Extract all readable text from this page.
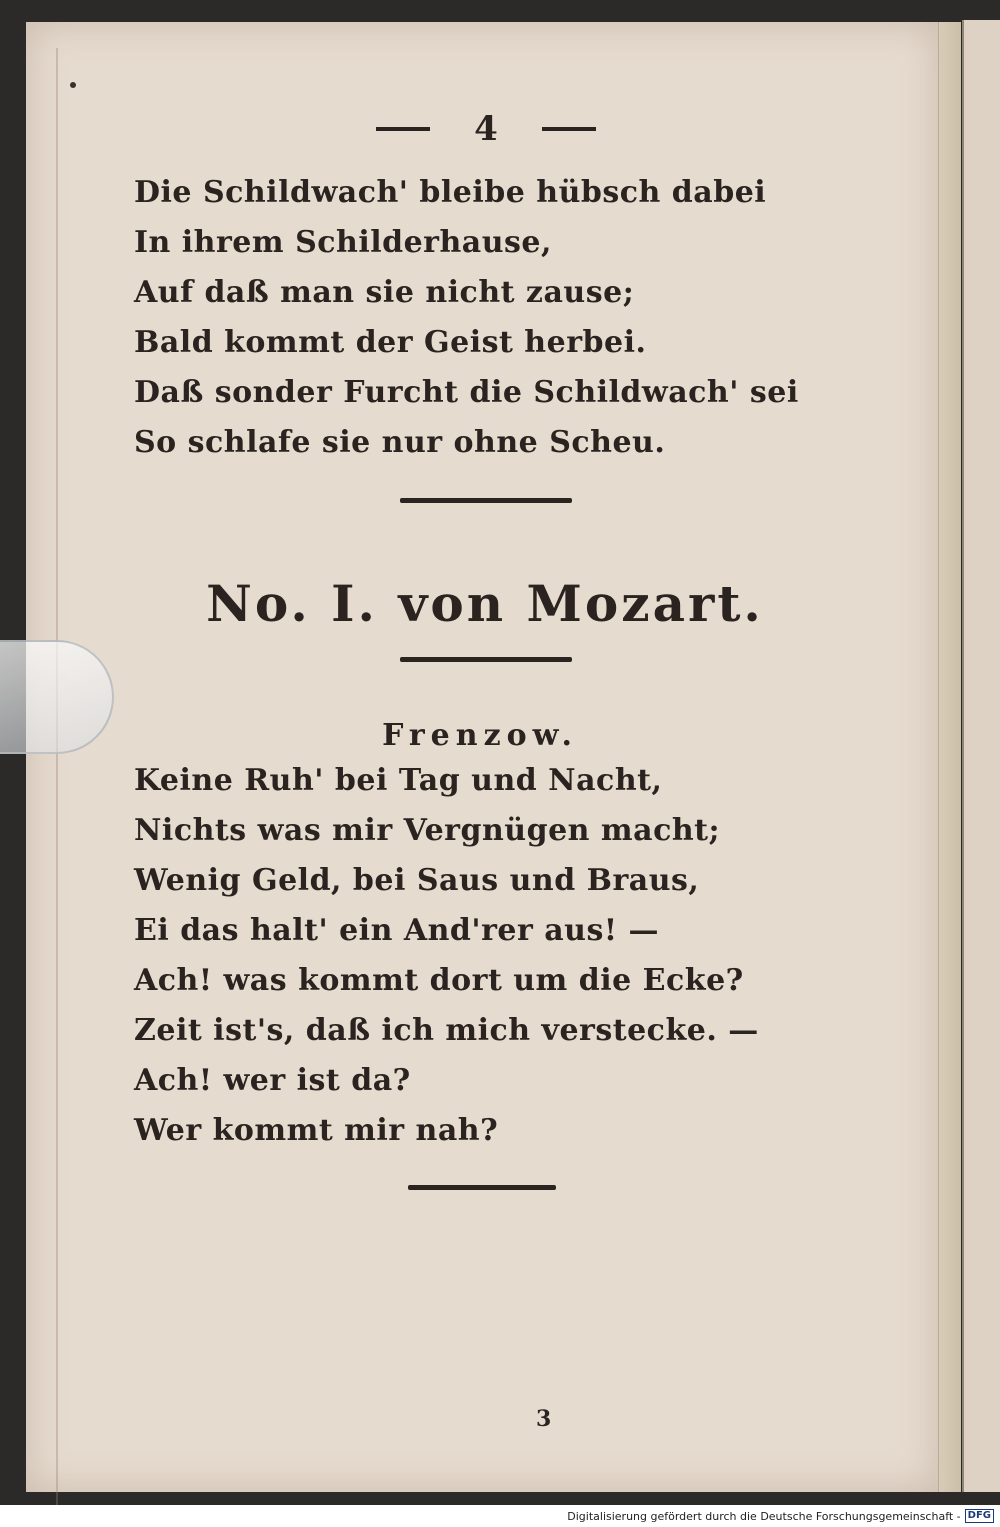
4
Die Schildwach' bleibe hübsch dabei
In ihrem Schilderhause,
Auf daß man sie nicht zause;
Bald kommt der Geist herbei.
Daß sonder Furcht die Schildwach' sei
So schlafe sie nur ohne Scheu.
No. I. von Mozart.
Frenzow.
Keine Ruh' bei Tag und Nacht,
Nichts was mir Vergnügen macht;
Wenig Geld, bei Saus und Braus,
Ei das halt' ein And'rer aus! —
Ach! was kommt dort um die Ecke?
Zeit ist's, daß ich mich verstecke. —
Ach! wer ist da?
Wer kommt mir nah?
3
Digitalisierung gefördert durch die Deutsche Forschungsgemeinschaft - DFG
